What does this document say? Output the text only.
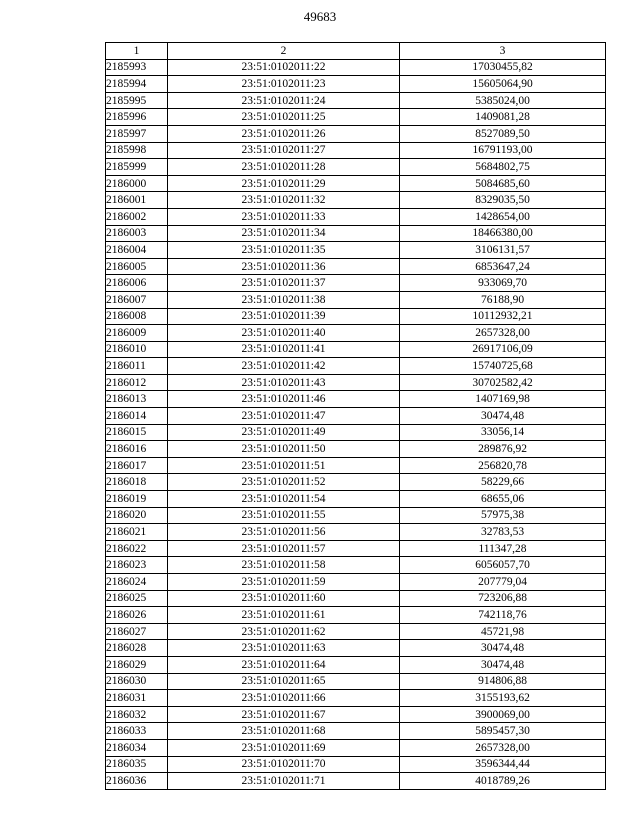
49683
1	2	3
2185993	23:51:0102011:22	17030455,82
2185994	23:51:0102011:23	15605064,90
2185995	23:51:0102011:24	5385024,00
2185996	23:51:0102011:25	1409081,28
2185997	23:51:0102011:26	8527089,50
2185998	23:51:0102011:27	16791193,00
2185999	23:51:0102011:28	5684802,75
2186000	23:51:0102011:29	5084685,60
2186001	23:51:0102011:32	8329035,50
2186002	23:51:0102011:33	1428654,00
2186003	23:51:0102011:34	18466380,00
2186004	23:51:0102011:35	3106131,57
2186005	23:51:0102011:36	6853647,24
2186006	23:51:0102011:37	933069,70
2186007	23:51:0102011:38	76188,90
2186008	23:51:0102011:39	10112932,21
2186009	23:51:0102011:40	2657328,00
2186010	23:51:0102011:41	26917106,09
2186011	23:51:0102011:42	15740725,68
2186012	23:51:0102011:43	30702582,42
2186013	23:51:0102011:46	1407169,98
2186014	23:51:0102011:47	30474,48
2186015	23:51:0102011:49	33056,14
2186016	23:51:0102011:50	289876,92
2186017	23:51:0102011:51	256820,78
2186018	23:51:0102011:52	58229,66
2186019	23:51:0102011:54	68655,06
2186020	23:51:0102011:55	57975,38
2186021	23:51:0102011:56	32783,53
2186022	23:51:0102011:57	111347,28
2186023	23:51:0102011:58	6056057,70
2186024	23:51:0102011:59	207779,04
2186025	23:51:0102011:60	723206,88
2186026	23:51:0102011:61	742118,76
2186027	23:51:0102011:62	45721,98
2186028	23:51:0102011:63	30474,48
2186029	23:51:0102011:64	30474,48
2186030	23:51:0102011:65	914806,88
2186031	23:51:0102011:66	3155193,62
2186032	23:51:0102011:67	3900069,00
2186033	23:51:0102011:68	5895457,30
2186034	23:51:0102011:69	2657328,00
2186035	23:51:0102011:70	3596344,44
2186036	23:51:0102011:71	4018789,26
